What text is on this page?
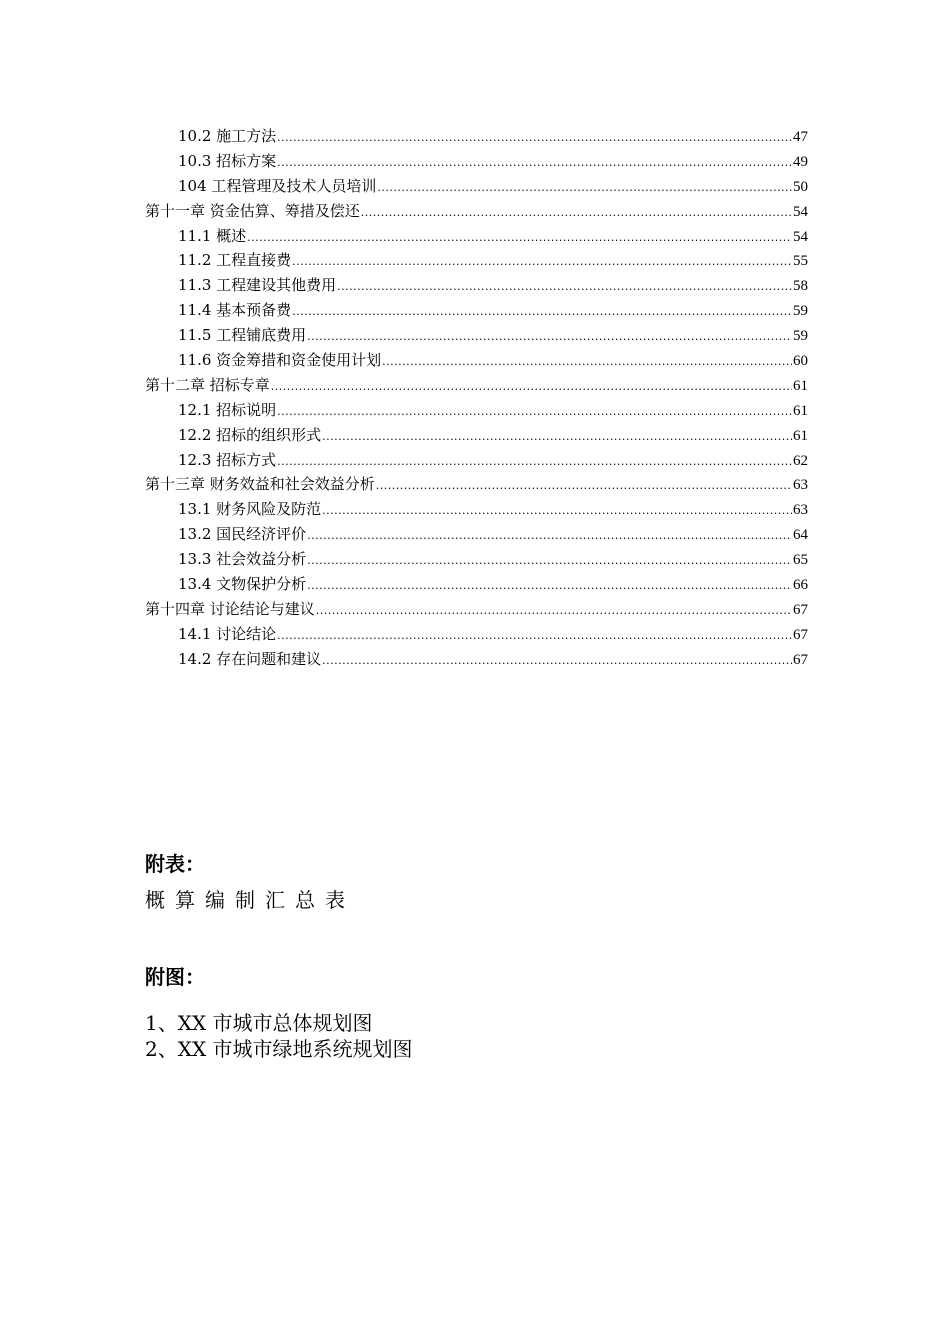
10.2 施工方法 .....	47
10.3 招标方案 .....	49
104 工程管理及技术人员培训 .....	50
第十一章 资金估算、筹措及偿还 .....	54
11.1 概述 .....	54
11.2 工程直接费 .....	55
11.3 工程建设其他费用 .....	58
11.4 基本预备费 .....	59
11.5 工程铺底费用 .....	59
11.6 资金筹措和资金使用计划 .....	60
第十二章 招标专章 .....	61
12.1 招标说明 .....	61
12.2 招标的组织形式 .....	61
12.3 招标方式 .....	62
第十三章 财务效益和社会效益分析 .....	63
13.1 财务风险及防范 .....	63
13.2 国民经济评价 .....	64
13.3 社会效益分析 .....	65
13.4 文物保护分析 .....	66
第十四章 讨论结论与建议 .....	67
14.1 讨论结论 .....	67
14.2 存在问题和建议 .....	67
附表：
概算编制汇总表
附图：
1、XX 市城市总体规划图
2、XX 市城市绿地系统规划图
